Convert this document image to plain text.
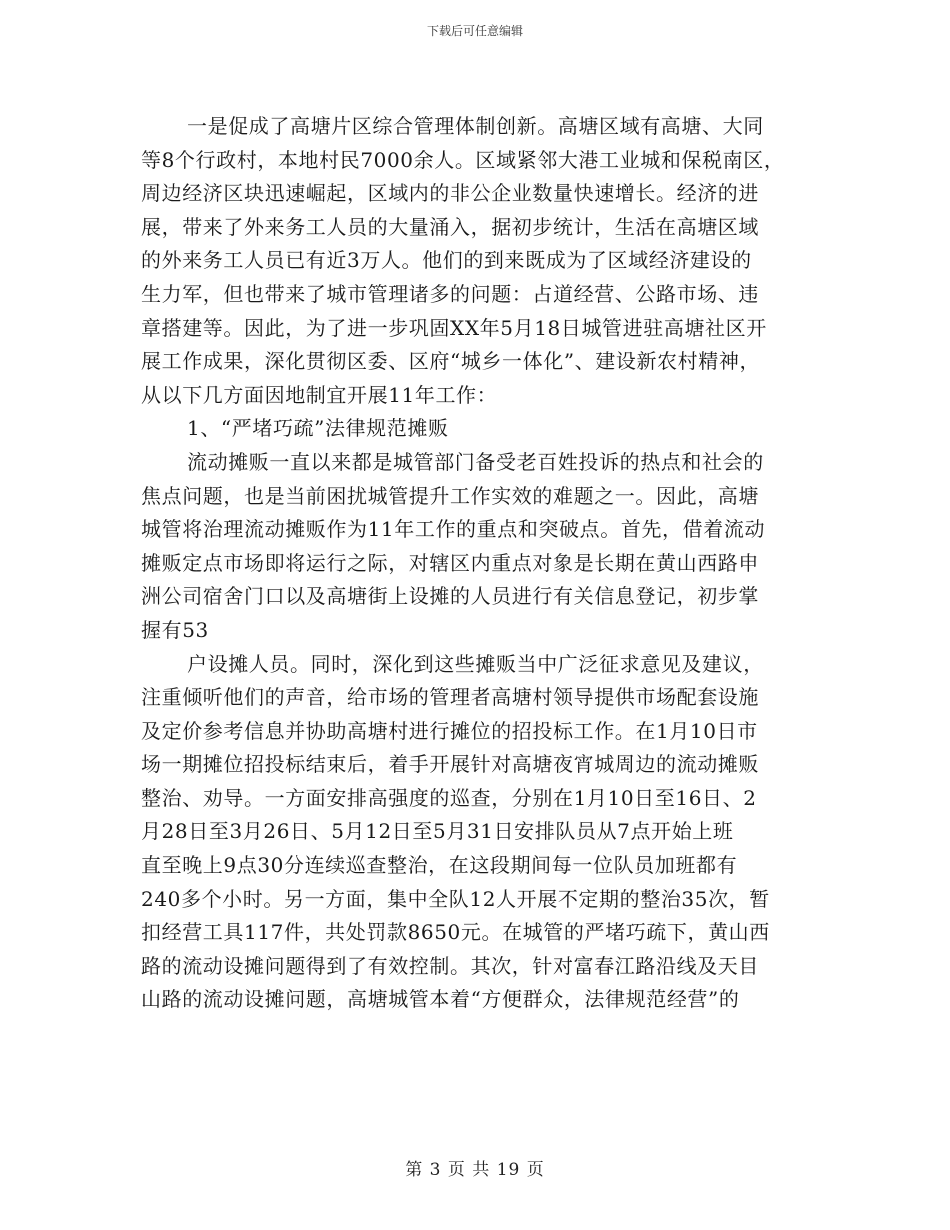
下载后可任意编辑

一是促成了高塘片区综合管理体制创新。高塘区域有高塘、大同
等8个行政村，本地村民7000余人。区域紧邻大港工业城和保税南区，
周边经济区块迅速崛起，区域内的非公企业数量快速增长。经济的进
展，带来了外来务工人员的大量涌入，据初步统计，生活在高塘区域
的外来务工人员已有近3万人。他们的到来既成为了区域经济建设的
生力军，但也带来了城市管理诸多的问题：占道经营、公路市场、违
章搭建等。因此，为了进一步巩固XX年5月18日城管进驻高塘社区开
展工作成果，深化贯彻区委、区府“城乡一体化”、建设新农村精神，
从以下几方面因地制宜开展11年工作：

1、“严堵巧疏”法律规范摊贩

流动摊贩一直以来都是城管部门备受老百姓投诉的热点和社会的
焦点问题，也是当前困扰城管提升工作实效的难题之一。因此，高塘
城管将治理流动摊贩作为11年工作的重点和突破点。首先，借着流动
摊贩定点市场即将运行之际，对辖区内重点对象是长期在黄山西路申
洲公司宿舍门口以及高塘街上设摊的人员进行有关信息登记，初步掌
握有53

户设摊人员。同时，深化到这些摊贩当中广泛征求意见及建议，
注重倾听他们的声音，给市场的管理者高塘村领导提供市场配套设施
及定价参考信息并协助高塘村进行摊位的招投标工作。在1月10日市
场一期摊位招投标结束后，着手开展针对高塘夜宵城周边的流动摊贩
整治、劝导。一方面安排高强度的巡查，分别在1月10日至16日、2
月28日至3月26日、5月12日至5月31日安排队员从7点开始上班
直至晚上9点30分连续巡查整治，在这段期间每一位队员加班都有
240多个小时。另一方面，集中全队12人开展不定期的整治35次，暂
扣经营工具117件，共处罚款8650元。在城管的严堵巧疏下，黄山西
路的流动设摊问题得到了有效控制。其次，针对富春江路沿线及天目
山路的流动设摊问题，高塘城管本着“方便群众，法律规范经营”的

第 3 页 共 19 页
